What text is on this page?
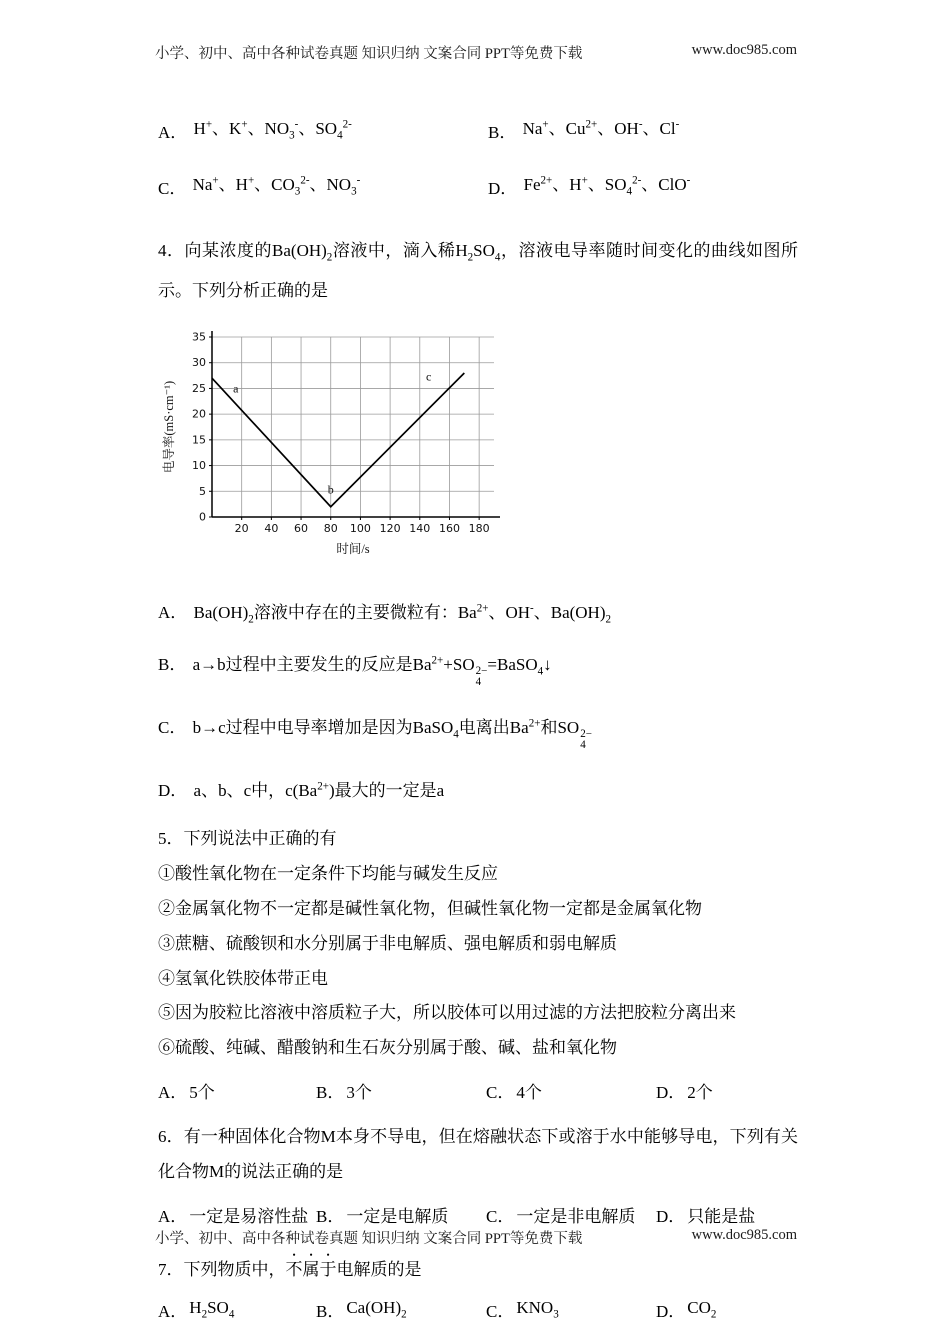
小学、初中、高中各种试卷真题 知识归纳 文案合同 PPT等免费下载	www.doc985.com
A． H+、K+、$NO_3^-$、$SO_4^{2-}$	B． Na+、$Cu^{2+}$、OH-、Cl-
C． Na+、H+、$CO_3^{2-}$、$NO_3^-$	D． $Fe^{2+}$、H+、$SO_4^{2-}$、ClO-

4．向某浓度的$Ba(OH)_2$溶液中，滴入稀$H_2SO_4$，溶液电导率随时间变化的曲线如图所示。下列分析正确的是

0
5
10
15
20
25
30
35
20 40 60 80 100 120 140 160 180
a
b
c
时间/s
电导率(mS·cm⁻¹)
A． $Ba(OH)_2$溶液中存在的主要微粒有：$Ba^{2+}$、OH-、$Ba(OH)_2$
B． a→b过程中主要发生的反应是$Ba^{2+}+SO$ 2−
4
=BaSO$_4$↓
C． b→c过程中电导率增加是因为BaSO$_4$电离出$Ba^{2+}$和SO 2−
4
D． a、b、c中，$c(Ba^{2+})$最大的一定是a

5．下列说法中正确的有

①酸性氧化物在一定条件下均能与碱发生反应

②金属氧化物不一定都是碱性氧化物，但碱性氧化物一定都是金属氧化物

③蔗糖、硫酸钡和水分别属于非电解质、强电解质和弱电解质

④氢氧化铁胶体带正电

⑤因为胶粒比溶液中溶质粒子大，所以胶体可以用过滤的方法把胶粒分离出来

⑥硫酸、纯碱、醋酸钠和生石灰分别属于酸、碱、盐和氧化物

A． 5个	B． 3个	C． 4个	D． 2个

6．有一种固体化合物M本身不导电，但在熔融状态下或溶于水中能够导电，下列有关化合物M的说法正确的是

A． 一定是易溶性盐 B． 一定是电解质	C． 一定是非电解质	D． 只能是盐

7．下列物质中，不属于电解质的是

A． $H_2SO_4$	B． $Ca(OH)_2$	C． $KNO_3$	D． $CO_2$
小学、初中、高中各种试卷真题 知识归纳 文案合同 PPT等免费下载	www.doc985.com
